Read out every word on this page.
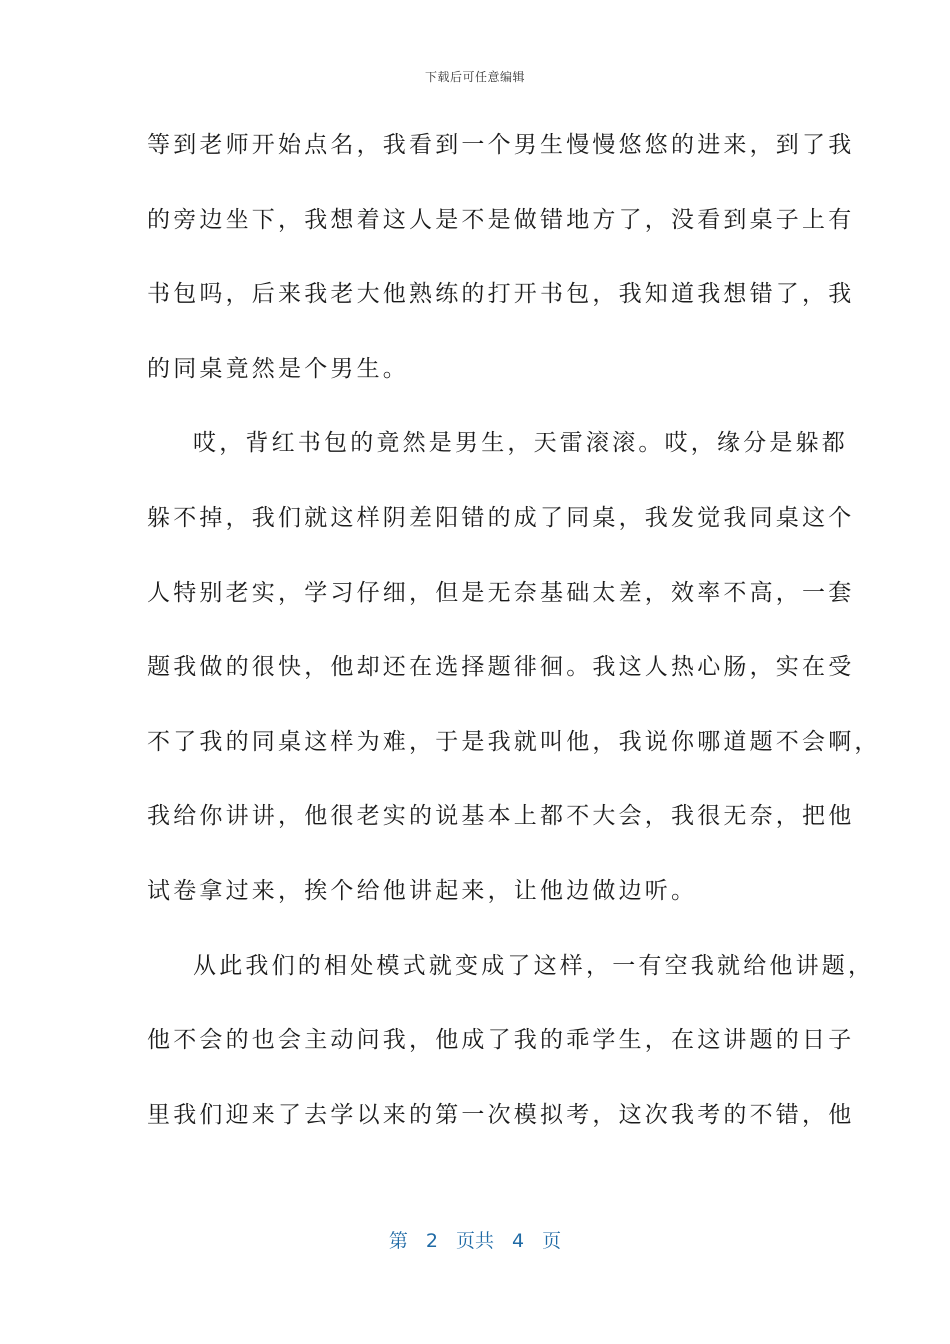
下载后可任意编辑
等到老师开始点名，我看到一个男生慢慢悠悠的进来，到了我
的旁边坐下，我想着这人是不是做错地方了，没看到桌子上有
书包吗，后来我老大他熟练的打开书包，我知道我想错了，我
的同桌竟然是个男生。
哎，背红书包的竟然是男生，天雷滚滚。哎，缘分是躲都
躲不掉，我们就这样阴差阳错的成了同桌，我发觉我同桌这个
人特别老实，学习仔细，但是无奈基础太差，效率不高，一套
题我做的很快，他却还在选择题徘徊。我这人热心肠，实在受
不了我的同桌这样为难，于是我就叫他，我说你哪道题不会啊，
我给你讲讲，他很老实的说基本上都不大会，我很无奈，把他
试卷拿过来，挨个给他讲起来，让他边做边听。
从此我们的相处模式就变成了这样，一有空我就给他讲题，
他不会的也会主动问我，他成了我的乖学生，在这讲题的日子
里我们迎来了去学以来的第一次模拟考，这次我考的不错，他
第 2 页共 4 页
